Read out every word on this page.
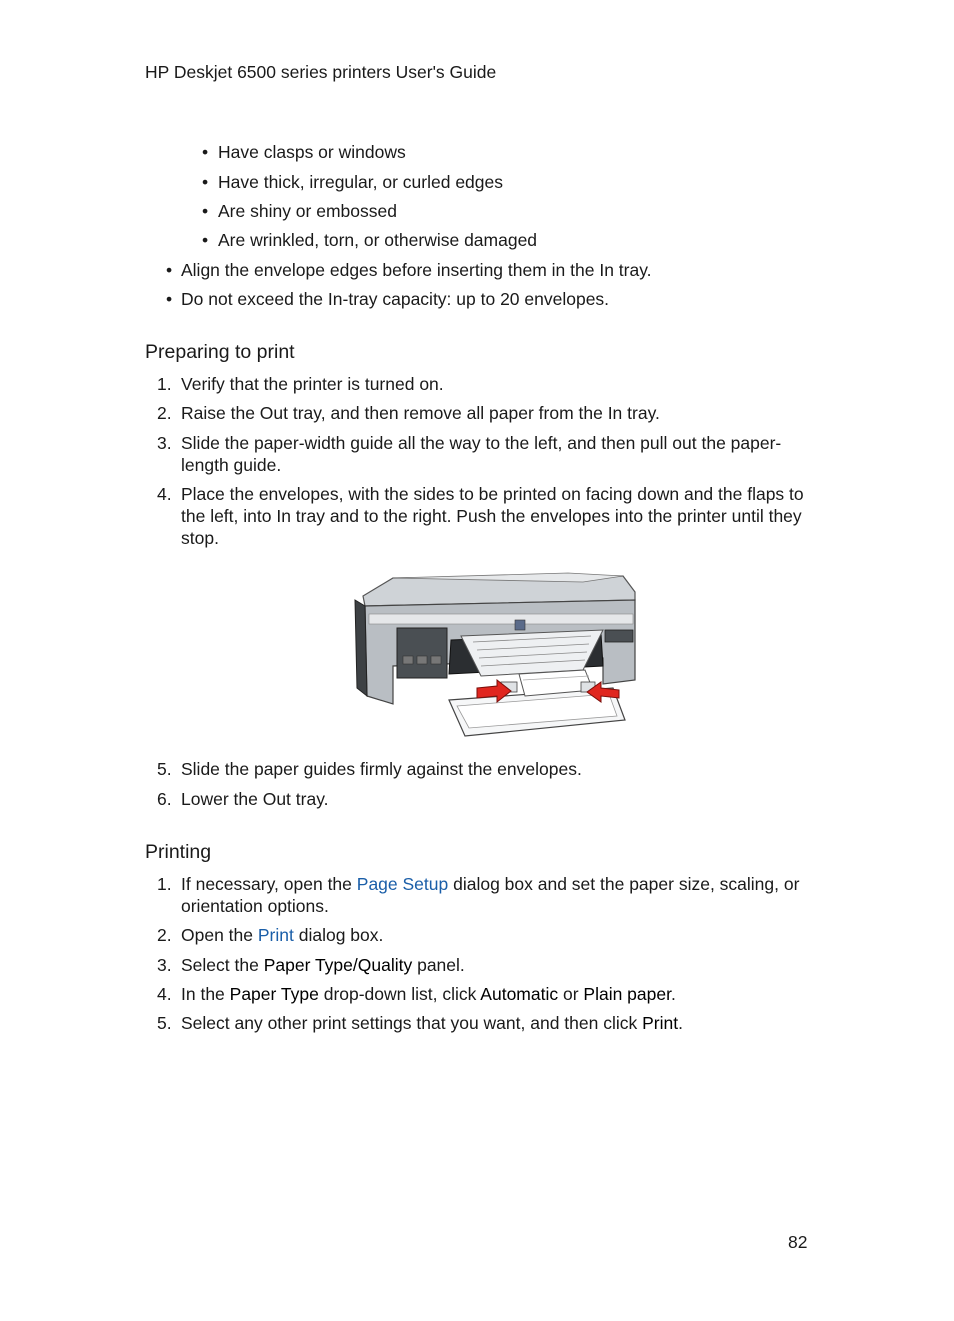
HP Deskjet 6500 series printers User's Guide
• Have clasps or windows
• Have thick, irregular, or curled edges
• Are shiny or embossed
• Are wrinkled, torn, or otherwise damaged
• Align the envelope edges before inserting them in the In tray.
• Do not exceed the In-tray capacity: up to 20 envelopes.
Preparing to print
1. Verify that the printer is turned on.
2. Raise the Out tray, and then remove all paper from the In tray.
3. Slide the paper-width guide all the way to the left, and then pull out the paper-length guide.
4. Place the envelopes, with the sides to be printed on facing down and the flaps to the left, into In tray and to the right. Push the envelopes into the printer until they stop.
5. Slide the paper guides firmly against the envelopes.
6. Lower the Out tray.
Printing
1. If necessary, open the Page Setup dialog box and set the paper size, scaling, or orientation options.
2. Open the Print dialog box.
3. Select the Paper Type/Quality panel.
4. In the Paper Type drop-down list, click Automatic or Plain paper.
5. Select any other print settings that you want, and then click Print.
82
